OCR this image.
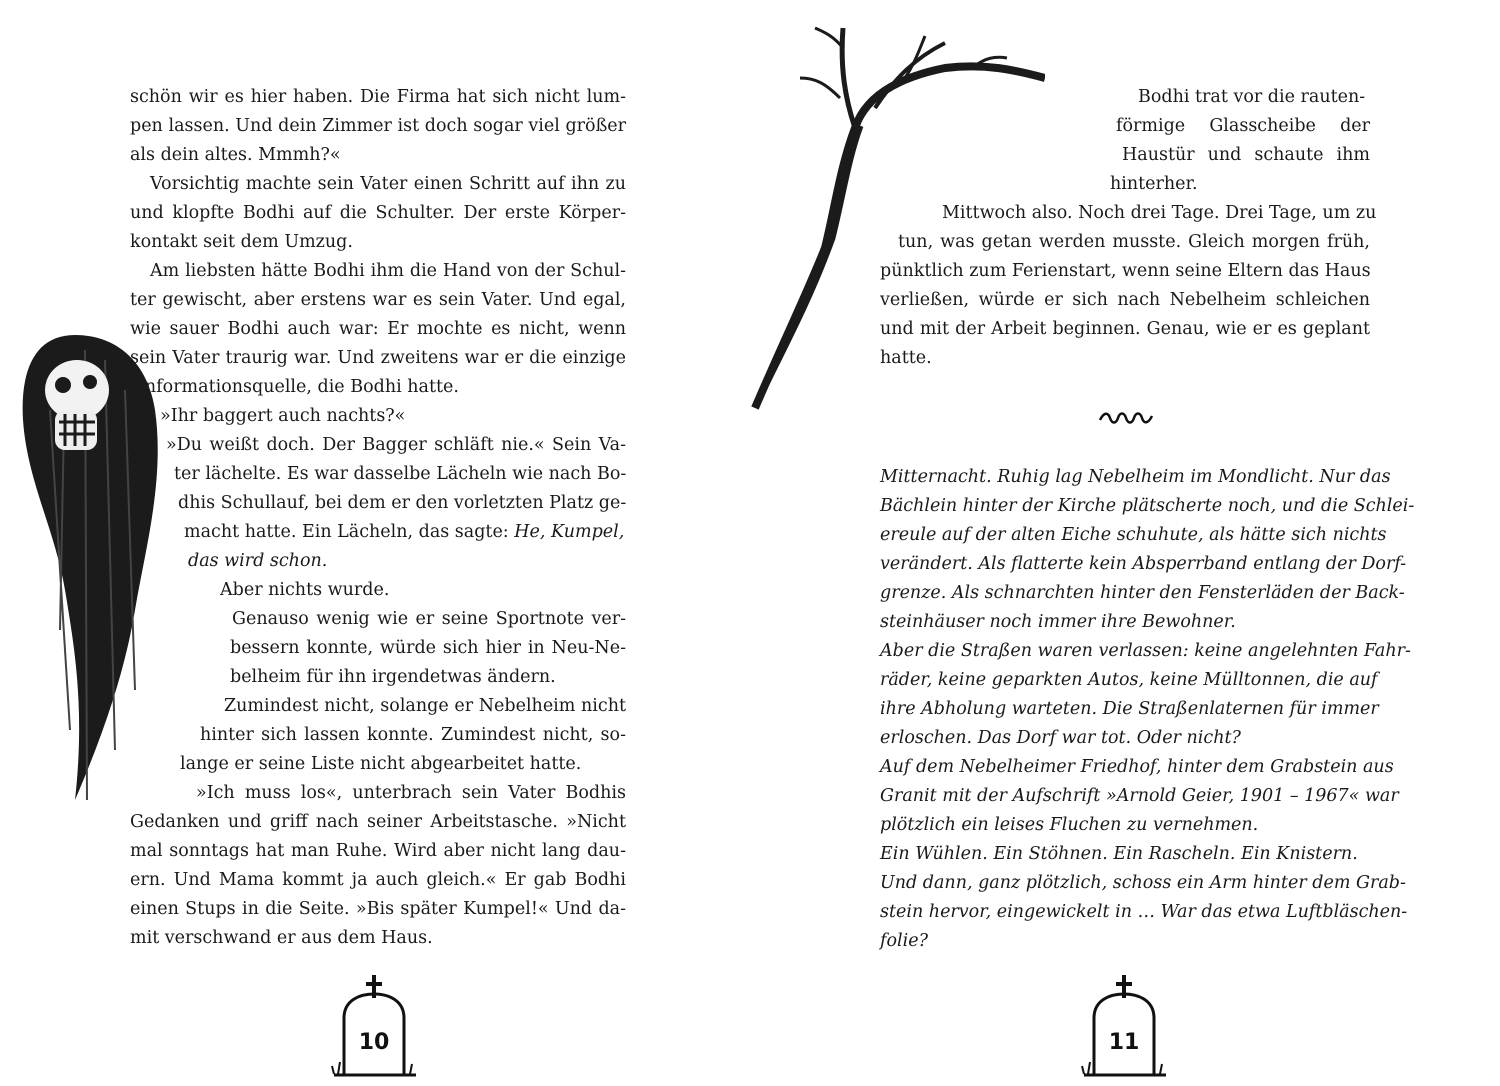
schön wir es hier haben. Die Firma hat sich nicht lum-
pen lassen. Und dein Zimmer ist doch sogar viel größer
als dein altes. Mmmh?«
Vorsichtig machte sein Vater einen Schritt auf ihn zu
und klopfte Bodhi auf die Schulter. Der erste Körper-
kontakt seit dem Umzug.
Am liebsten hätte Bodhi ihm die Hand von der Schul-
ter gewischt, aber erstens war es sein Vater. Und egal,
wie sauer Bodhi auch war: Er mochte es nicht, wenn
sein Vater traurig war. Und zweitens war er die einzige
Informationsquelle, die Bodhi hatte.
»Ihr baggert auch nachts?«
»Du weißt doch. Der Bagger schläft nie.« Sein Va-
ter lächelte. Es war dasselbe Lächeln wie nach Bo-
dhis Schullauf, bei dem er den vorletzten Platz ge-
macht hatte. Ein Lächeln, das sagte: He, Kumpel,
das wird schon.
Aber nichts wurde.
Genauso wenig wie er seine Sportnote ver-
bessern konnte, würde sich hier in Neu-Ne-
belheim für ihn irgendetwas ändern.
Zumindest nicht, solange er Nebelheim nicht
hinter sich lassen konnte. Zumindest nicht, so-
lange er seine Liste nicht abgearbeitet hatte.
»Ich muss los«, unterbrach sein Vater Bodhis
Gedanken und griff nach seiner Arbeitstasche. »Nicht
mal sonntags hat man Ruhe. Wird aber nicht lang dau-
ern. Und Mama kommt ja auch gleich.« Er gab Bodhi
einen Stups in die Seite. »Bis später Kumpel!« Und da-
mit verschwand er aus dem Haus.
10
Bodhi trat vor die rauten-
förmige Glasscheibe der
Haustür und schaute ihm
hinterher.
Mittwoch also. Noch drei Tage. Drei Tage, um zu
tun, was getan werden musste. Gleich morgen früh,
pünktlich zum Ferienstart, wenn seine Eltern das Haus
verließen, würde er sich nach Nebelheim schleichen
und mit der Arbeit beginnen. Genau, wie er es geplant
hatte.
Mitternacht. Ruhig lag Nebelheim im Mondlicht. Nur das
Bächlein hinter der Kirche plätscherte noch, und die Schlei-
ereule auf der alten Eiche schuhute, als hätte sich nichts
verändert. Als flatterte kein Absperrband entlang der Dorf-
grenze. Als schnarchten hinter den Fensterläden der Back-
steinhäuser noch immer ihre Bewohner.
Aber die Straßen waren verlassen: keine angelehnten Fahr-
räder, keine geparkten Autos, keine Mülltonnen, die auf
ihre Abholung warteten. Die Straßenlaternen für immer
erloschen. Das Dorf war tot. Oder nicht?
Auf dem Nebelheimer Friedhof, hinter dem Grabstein aus
Granit mit der Aufschrift »Arnold Geier, 1901 – 1967« war
plötzlich ein leises Fluchen zu vernehmen.
Ein Wühlen. Ein Stöhnen. Ein Rascheln. Ein Knistern.
Und dann, ganz plötzlich, schoss ein Arm hinter dem Grab-
stein hervor, eingewickelt in … War das etwa Luftbläschen-
folie?
11
